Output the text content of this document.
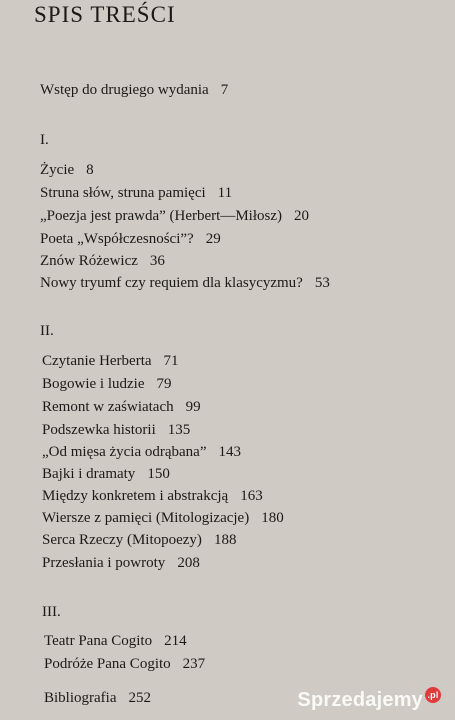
SPIS TREŚCI
Wstęp do drugiego wydania 7
I.
Życie 8
Struna słów, struna pamięci 11
„Poezja jest prawda” (Herbert—Miłosz) 20
Poeta „Współczesności”? 29
Znów Różewicz 36
Nowy tryumf czy requiem dla klasycyzmu? 53
II.
Czytanie Herberta 71
Bogowie i ludzie 79
Remont w zaświatach 99
Podszewka historii 135
„Od mięsa życia odrąbana” 143
Bajki i dramaty 150
Między konkretem i abstrakcją 163
Wiersze z pamięci (Mitologizacje) 180
Serca Rzeczy (Mitopoezy) 188
Przesłania i powroty 208
III.
Teatr Pana Cogito 214
Podróże Pana Cogito 237
Bibliografia 252	Sprzedajemy .pl
